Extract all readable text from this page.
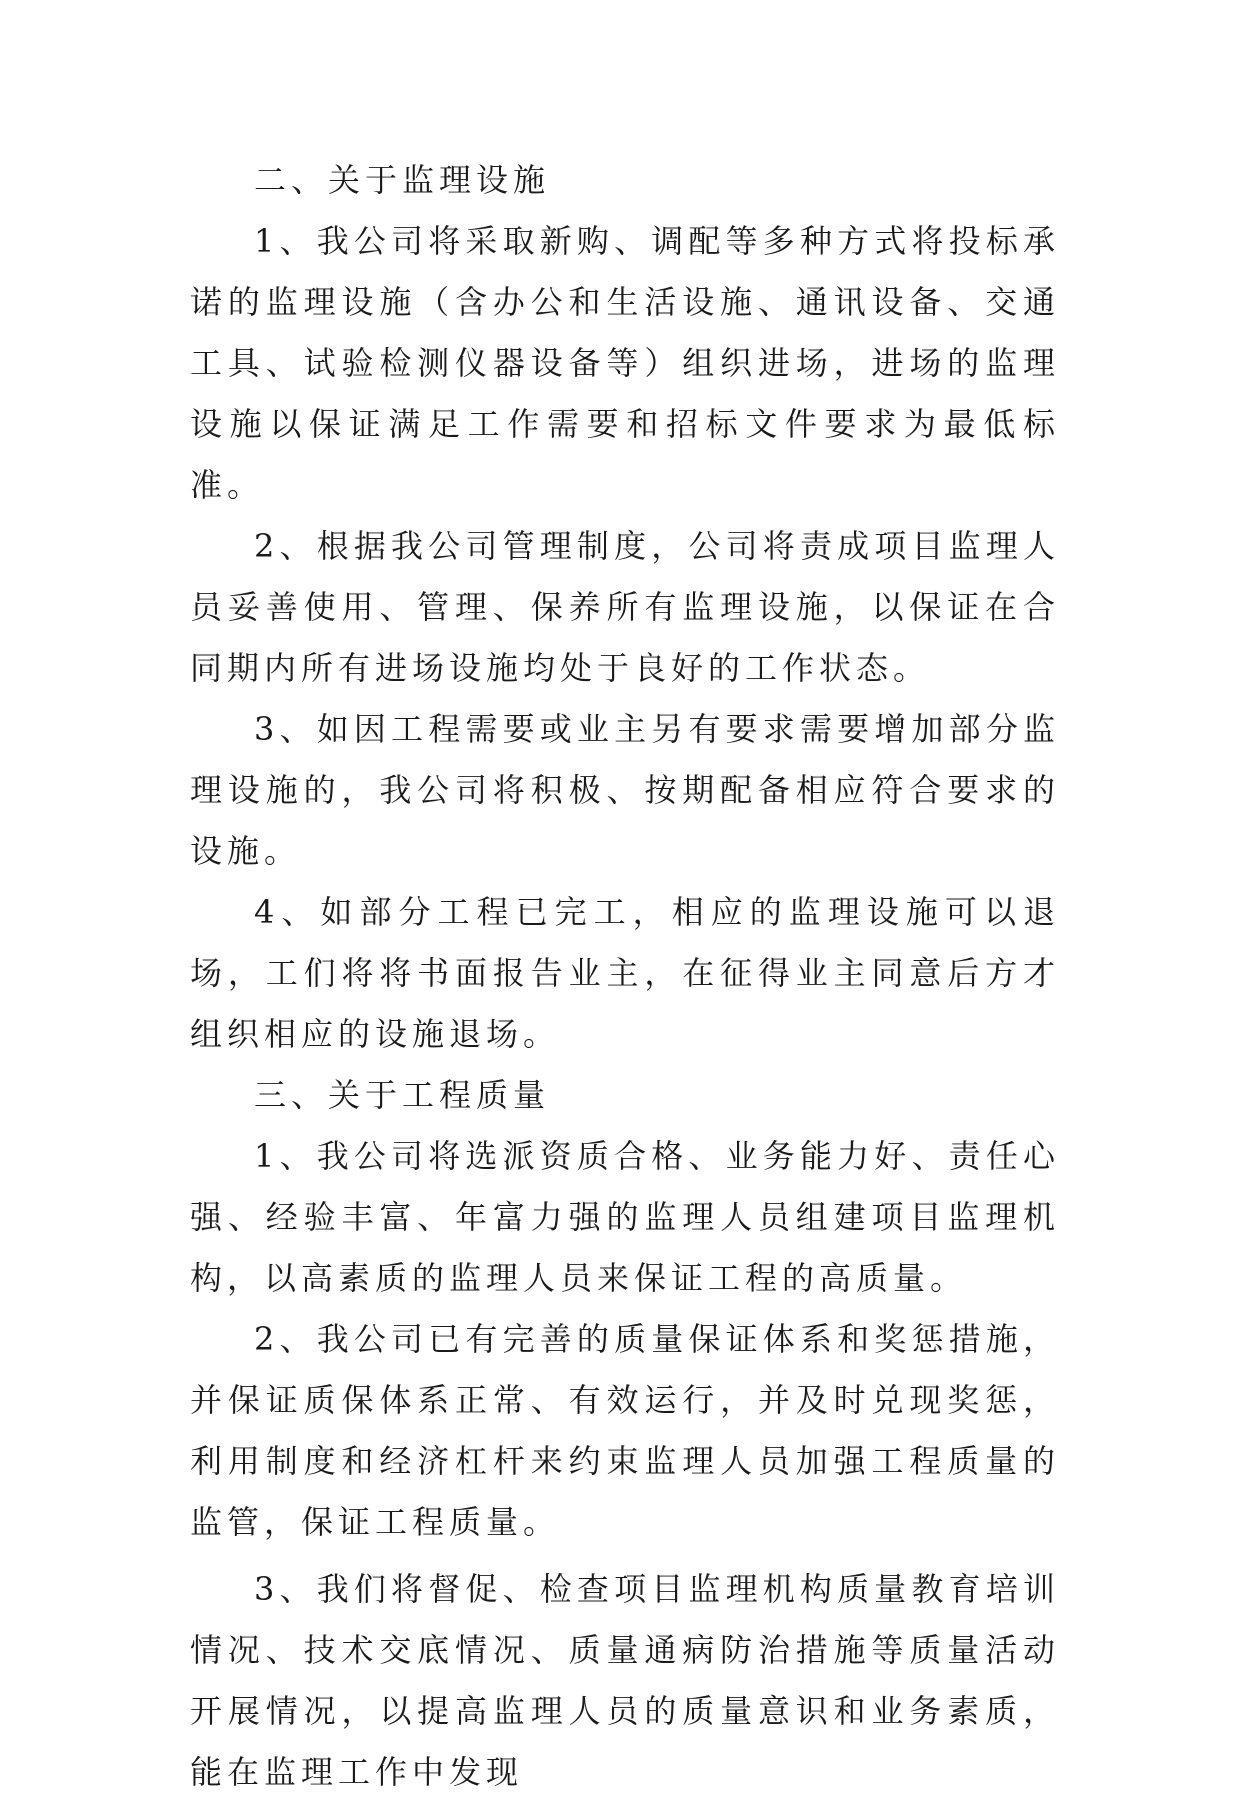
二、关于监理设施

1、我公司将采取新购、调配等多种方式将投标承诺的监理设施（含办公和生活设施、通讯设备、交通工具、试验检测仪器设备等）组织进场，进场的监理设施以保证满足工作需要和招标文件要求为最低标准。

2、根据我公司管理制度，公司将责成项目监理人员妥善使用、管理、保养所有监理设施，以保证在合同期内所有进场设施均处于良好的工作状态。

3、如因工程需要或业主另有要求需要增加部分监理设施的，我公司将积极、按期配备相应符合要求的设施。

4、如部分工程已完工，相应的监理设施可以退场，工们将将书面报告业主，在征得业主同意后方才组织相应的设施退场。

三、关于工程质量

1、我公司将选派资质合格、业务能力好、责任心强、经验丰富、年富力强的监理人员组建项目监理机构，以高素质的监理人员来保证工程的高质量。

2、我公司已有完善的质量保证体系和奖惩措施，并保证质保体系正常、有效运行，并及时兑现奖惩，利用制度和经济杠杆来约束监理人员加强工程质量的监管，保证工程质量。

3、我们将督促、检查项目监理机构质量教育培训情况、技术交底情况、质量通病防治措施等质量活动开展情况，以提高监理人员的质量意识和业务素质，能在监理工作中发现
